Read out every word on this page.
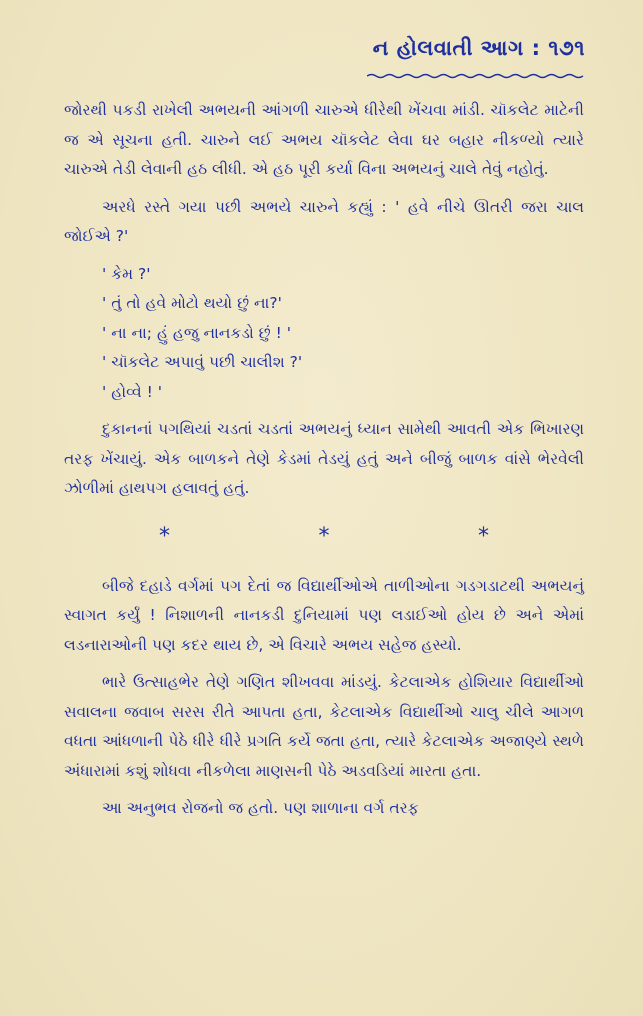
ન હોલવાતી આગ : ૧૭૧

જોરથી પકડી રાખેલી અભયની આંગળી ચારુએ ધીરેથી ખેંચવા માંડી. ચૉકલેટ માટેની જ એ સૂચના હતી. ચારુને લઈ અભય ચૉકલેટ લેવા ઘર બહાર નીકળ્યો ત્યારે ચારુએ તેડી લેવાની હઠ લીધી. એ હઠ પૂરી કર્યા વિના અભયનું ચાલે તેવું નહોતું.

અરધે રસ્તે ગયા પછી અભયે ચારુને કહ્યું : ' હવે નીચે ઊતરી જરા ચાલ જોઈએ ?'

' કેમ ?'

' તું તો હવે મોટો થયો છું ના?'

' ના ના; હું હજુ નાનકડો છું ! '

' ચૉકલેટ અપાવું પછી ચાલીશ ?'

' હોવ્વે ! '

દુકાનનાં પગથિયાં ચડતાં ચડતાં અભયનું ધ્યાન સામેથી આવતી એક ભિખારણ તરફ ખેંચાયું. એક બાળકને તેણે કેડમાં તેડયું હતું અને બીજું બાળક વાંસે ભેરવેલી ઝોળીમાં હાથપગ હલાવતું હતું.

*	*	*

બીજે દહાડે વર્ગમાં પગ દેતાં જ વિદ્યાર્થીઓએ તાળીઓના ગડગડાટથી અભયનું સ્વાગત કર્યું ! નિશાળની નાનકડી દુનિયામાં પણ લડાઈઓ હોય છે અને એમાં લડનારાઓની પણ કદર થાય છે, એ વિચારે અભય સહેજ હસ્યો.

ભારે ઉત્સાહભેર તેણે ગણિત શીખવવા માંડયું. કેટલાએક હોશિયાર વિદ્યાર્થીઓ સવાલના જવાબ સરસ રીતે આપતા હતા, કેટલાએક વિદ્યાર્થીઓ ચાલુ ચીલે આગળ વધતા આંધળાની પેઠે ધીરે ધીરે પ્રગતિ કર્યે જતા હતા, ત્યારે કેટલાએક અજાણ્યે સ્થળે અંધારામાં કશું શોધવા નીકળેલા માણસની પેઠે અડવડિયાં મારતા હતા.

આ અનુભવ રોજનો જ હતો. પણ શાળાના વર્ગ તરફ
